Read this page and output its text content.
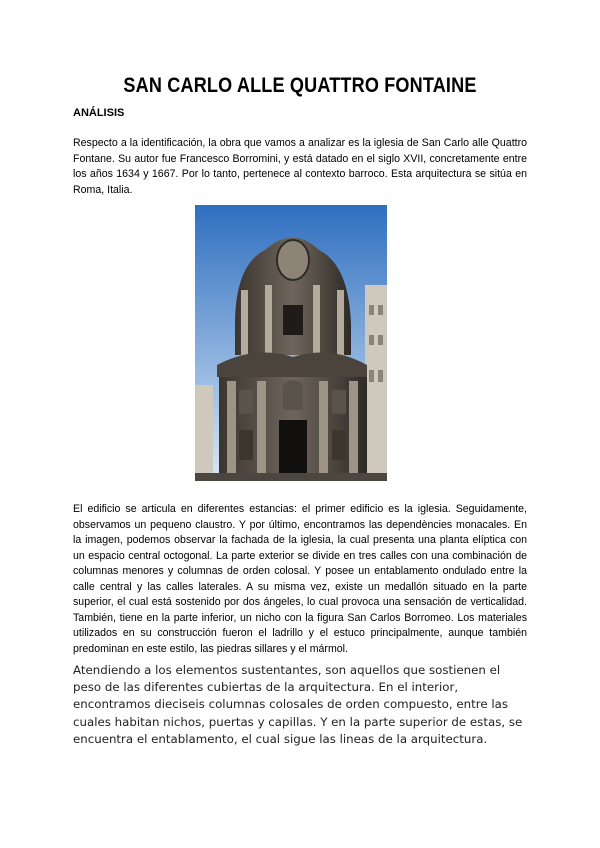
SAN CARLO ALLE QUATTRO FONTAINE
ANÁLISIS
Respecto a la identificación, la obra que vamos a analizar es la iglesia de San Carlo alle Quattro Fontane. Su autor fue Francesco Borromini, y está datado en el siglo XVII, concretamente entre los años 1634 y 1667. Por lo tanto, pertenece al contexto barroco. Esta arquitectura se sitúa en Roma, Italia.
El edificio se articula en diferentes estancias: el primer edificio es la iglesia. Seguidamente, observamos un pequeno claustro. Y por último, encontramos las dependències monacales. En la imagen, podemos observar la fachada de la iglesia, la cual presenta una planta elíptica con un espacio central octogonal. La parte exterior se divide en tres calles con una combinación de columnas menores y columnas de orden colosal. Y posee un entablamento ondulado entre la calle central y las calles laterales. A su misma vez, existe un medallón situado en la parte superior, el cual está sostenido por dos ángeles, lo cual provoca una sensación de verticalidad. También, tiene en la parte inferior, un nicho con la figura San Carlos Borromeo. Los materiales utilizados en su construcción fueron el ladrillo y el estuco principalmente, aunque también predominan en este estilo, las piedras sillares y el mármol.
Atendiendo a los elementos sustentantes, son aquellos que sostienen el peso de las diferentes cubiertas de la arquitectura. En el interior, encontramos dieciseis columnas colosales de orden compuesto, entre las cuales habitan nichos, puertas y capillas. Y en la parte superior de estas, se encuentra el entablamento, el cual sigue las lineas de la arquitectura.
